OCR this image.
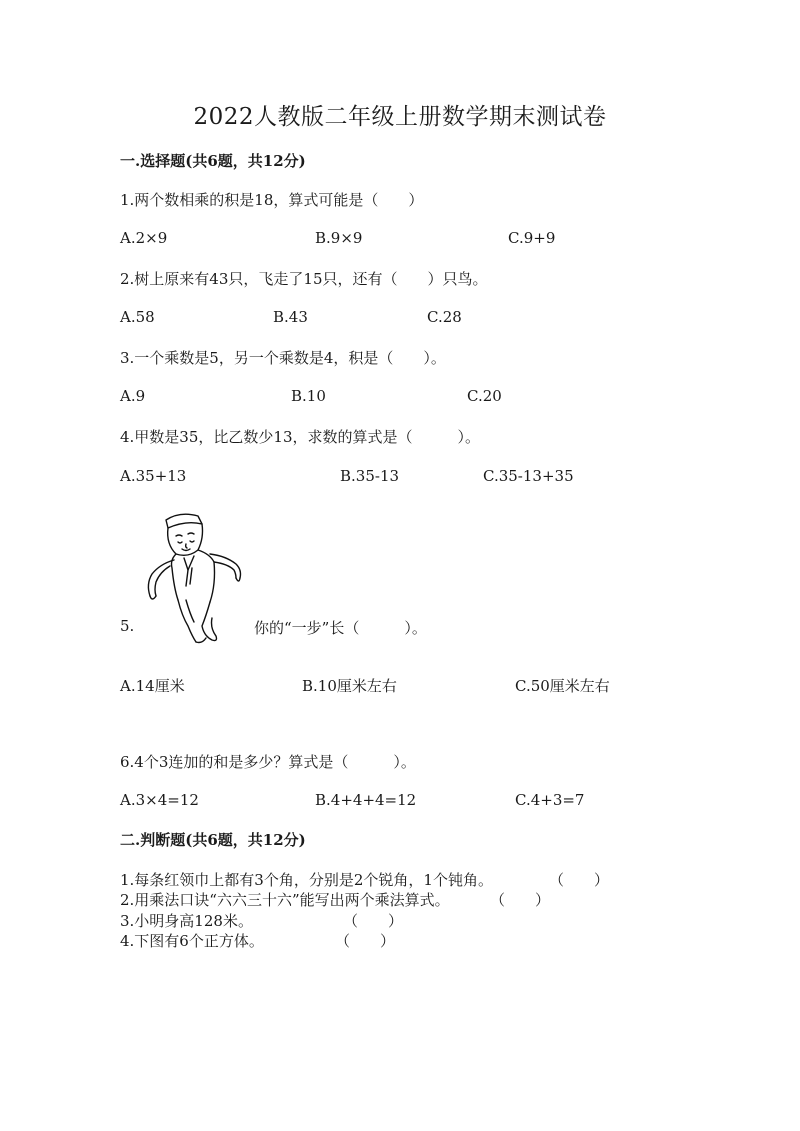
2022人教版二年级上册数学期末测试卷
一.选择题(共6题，共12分)
1.两个数相乘的积是18，算式可能是（　　）
A.2×9	B.9×9	C.9+9
2.树上原来有43只，飞走了15只，还有（　　）只鸟。
A.58	B.43	C.28
3.一个乘数是5，另一个乘数是4，积是（　　）。
A.9	B.10	C.20
4.甲数是35，比乙数少13，求数的算式是（　　　）。
A.35+13	B.35-13	C.35-13+35
5.	你的“一步”长（　　　）。
A.14厘米	B.10厘米左右	C.50厘米左右
6.4个3连加的和是多少？算式是（　　　）。
A.3×4=12	B.4+4+4=12	C.4+3=7
二.判断题(共6题，共12分)
1.每条红领巾上都有3个角，分别是2个锐角，1个钝角。	（　　）
2.用乘法口诀“六六三十六”能写出两个乘法算式。	（　　）
3.小明身高128米。	（　　）
4.下图有6个正方体。	（　　）
